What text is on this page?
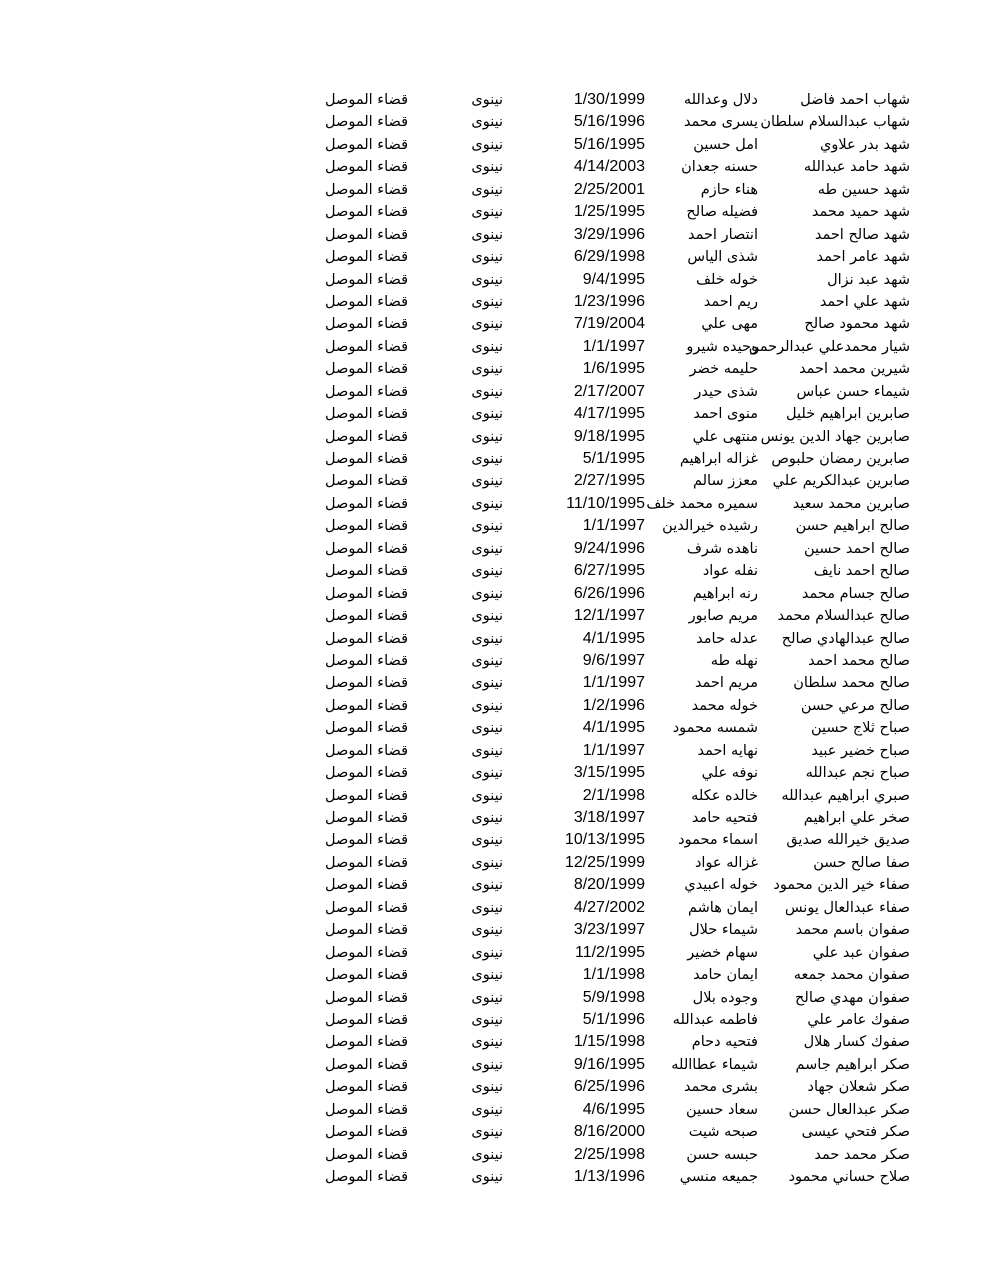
شهاب احمد فاضل
دلال وعدالله
1/30/1999
نينوى
قضاء الموصل
شهاب عبدالسلام سلطان
يسرى محمد
5/16/1996
نينوى
قضاء الموصل
شهد بدر علاوي
امل حسين
5/16/1995
نينوى
قضاء الموصل
شهد حامد عبدالله
حسنه جعدان
4/14/2003
نينوى
قضاء الموصل
شهد حسين طه
هناء حازم
2/25/2001
نينوى
قضاء الموصل
شهد حميد محمد
فضيله صالح
1/25/1995
نينوى
قضاء الموصل
شهد صالح احمد
انتصار احمد
3/29/1996
نينوى
قضاء الموصل
شهد عامر احمد
شذى الياس
6/29/1998
نينوى
قضاء الموصل
شهد عبد نزال
خوله خلف
9/4/1995
نينوى
قضاء الموصل
شهد علي احمد
ريم احمد
1/23/1996
نينوى
قضاء الموصل
شهد محمود صالح
مهى علي
7/19/2004
نينوى
قضاء الموصل
شيار محمدعلي عبدالرحمن
وحيده شيرو
1/1/1997
نينوى
قضاء الموصل
شيرين محمد احمد
حليمه خضر
1/6/1995
نينوى
قضاء الموصل
شيماء حسن عباس
شذى حيدر
2/17/2007
نينوى
قضاء الموصل
صابرين ابراهيم خليل
منوى احمد
4/17/1995
نينوى
قضاء الموصل
صابرين جهاد الدين يونس
منتهى علي
9/18/1995
نينوى
قضاء الموصل
صابرين رمضان حلبوص
غزاله ابراهيم
5/1/1995
نينوى
قضاء الموصل
صابرين عبدالكريم علي
معزز سالم
2/27/1995
نينوى
قضاء الموصل
صابرين محمد سعيد
سميره محمد خلف
11/10/1995
نينوى
قضاء الموصل
صالح ابراهيم حسن
رشيده خيرالدين
1/1/1997
نينوى
قضاء الموصل
صالح احمد حسين
ناهده شرف
9/24/1996
نينوى
قضاء الموصل
صالح احمد نايف
نفله عواد
6/27/1995
نينوى
قضاء الموصل
صالح جسام محمد
رنه ابراهيم
6/26/1996
نينوى
قضاء الموصل
صالح عبدالسلام محمد
مريم صابور
12/1/1997
نينوى
قضاء الموصل
صالح عبدالهادي صالح
عدله حامد
4/1/1995
نينوى
قضاء الموصل
صالح محمد احمد
نهله طه
9/6/1997
نينوى
قضاء الموصل
صالح محمد سلطان
مريم احمد
1/1/1997
نينوى
قضاء الموصل
صالح مرعي حسن
خوله محمد
1/2/1996
نينوى
قضاء الموصل
صباح ثلاج حسين
شمسه محمود
4/1/1995
نينوى
قضاء الموصل
صباح خضير عبيد
نهايه احمد
1/1/1997
نينوى
قضاء الموصل
صباح نجم عبدالله
نوفه علي
3/15/1995
نينوى
قضاء الموصل
صبري ابراهيم عبدالله
خالده عكله
2/1/1998
نينوى
قضاء الموصل
صخر علي ابراهيم
فتحيه حامد
3/18/1997
نينوى
قضاء الموصل
صديق خيرالله صديق
اسماء محمود
10/13/1995
نينوى
قضاء الموصل
صفا صالح حسن
غزاله عواد
12/25/1999
نينوى
قضاء الموصل
صفاء خير الدين محمود
خوله اعبيدي
8/20/1999
نينوى
قضاء الموصل
صفاء عبدالعال يونس
ايمان هاشم
4/27/2002
نينوى
قضاء الموصل
صفوان باسم محمد
شيماء حلال
3/23/1997
نينوى
قضاء الموصل
صفوان عبد علي
سهام خضير
11/2/1995
نينوى
قضاء الموصل
صفوان محمد جمعه
ايمان حامد
1/1/1998
نينوى
قضاء الموصل
صفوان مهدي صالح
وجوده بلال
5/9/1998
نينوى
قضاء الموصل
صفوك عامر علي
فاطمه عبدالله
5/1/1996
نينوى
قضاء الموصل
صفوك كسار هلال
فتحيه دحام
1/15/1998
نينوى
قضاء الموصل
صكر ابراهيم جاسم
شيماء عطاالله
9/16/1995
نينوى
قضاء الموصل
صكر شعلان جهاد
بشرى محمد
6/25/1996
نينوى
قضاء الموصل
صكر عبدالعال حسن
سعاد حسين
4/6/1995
نينوى
قضاء الموصل
صكر فتحي عيسى
صبحه شيت
8/16/2000
نينوى
قضاء الموصل
صكر محمد حمد
حبسه حسن
2/25/1998
نينوى
قضاء الموصل
صلاح حساني محمود
جميعه منسي
1/13/1996
نينوى
قضاء الموصل
